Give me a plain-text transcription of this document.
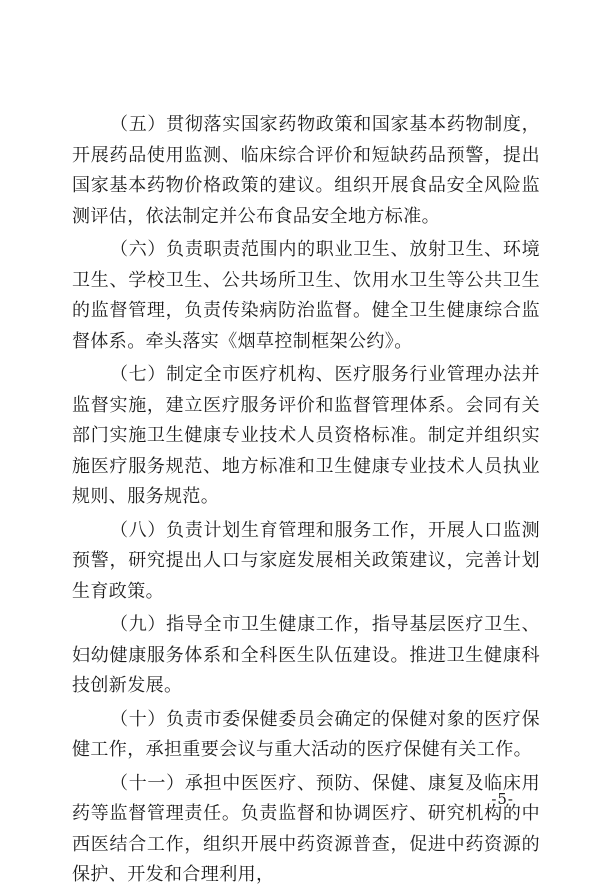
（五）贯彻落实国家药物政策和国家基本药物制度，开展药品使用监测、临床综合评价和短缺药品预警，提出国家基本药物价格政策的建议。组织开展食品安全风险监测评估，依法制定并公布食品安全地方标准。

（六）负责职责范围内的职业卫生、放射卫生、环境卫生、学校卫生、公共场所卫生、饮用水卫生等公共卫生的监督管理，负责传染病防治监督。健全卫生健康综合监督体系。牵头落实《烟草控制框架公约》。

（七）制定全市医疗机构、医疗服务行业管理办法并监督实施，建立医疗服务评价和监督管理体系。会同有关部门实施卫生健康专业技术人员资格标准。制定并组织实施医疗服务规范、地方标准和卫生健康专业技术人员执业规则、服务规范。

（八）负责计划生育管理和服务工作，开展人口监测预警，研究提出人口与家庭发展相关政策建议，完善计划生育政策。

（九）指导全市卫生健康工作，指导基层医疗卫生、妇幼健康服务体系和全科医生队伍建设。推进卫生健康科技创新发展。

（十）负责市委保健委员会确定的保健对象的医疗保健工作，承担重要会议与重大活动的医疗保健有关工作。

（十一）承担中医医疗、预防、保健、康复及临床用药等监督管理责任。负责监督和协调医疗、研究机构的中西医结合工作，组织开展中药资源普查，促进中药资源的保护、开发和合理利用，

-5-
